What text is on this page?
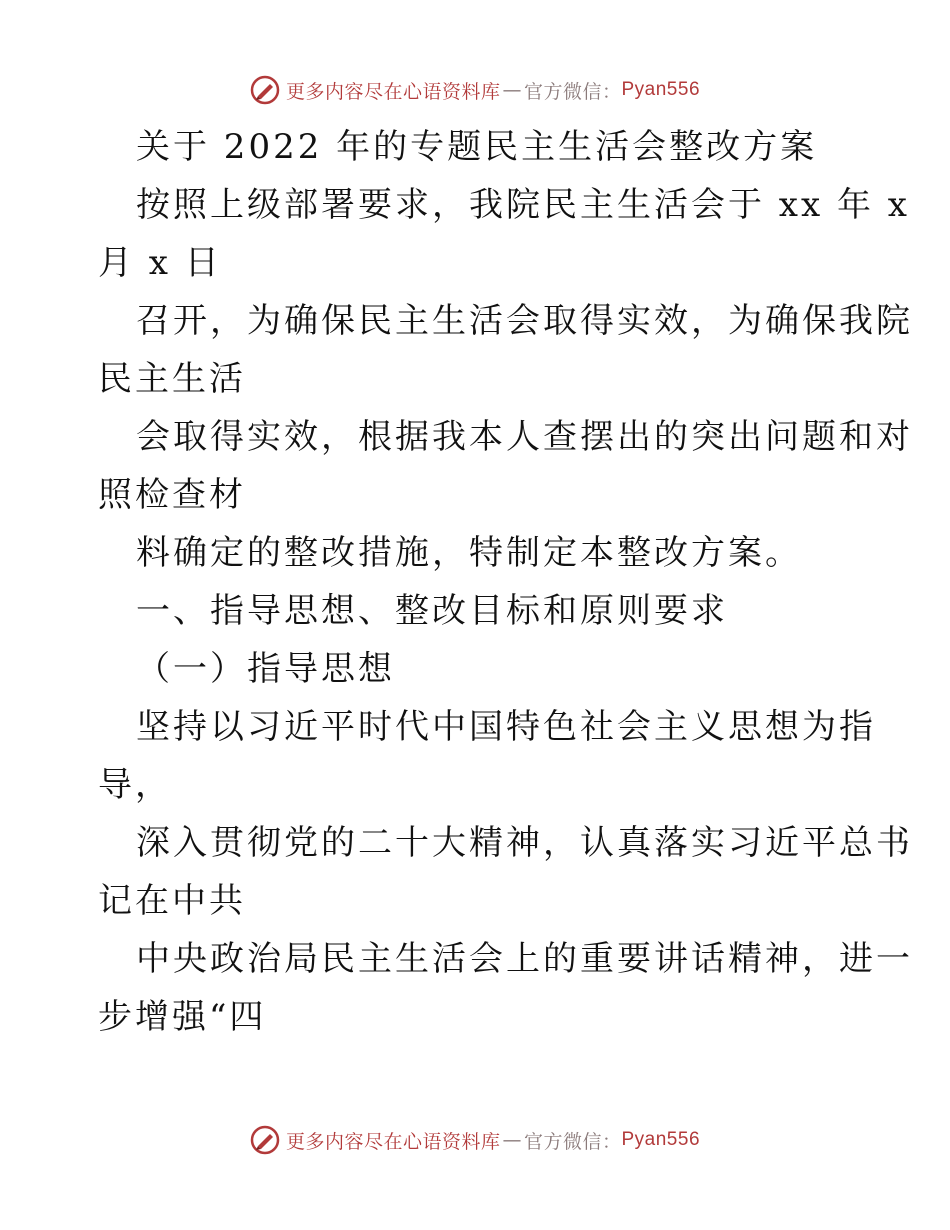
更多内容尽在心语资料库 — 官方微信： Pyan556
关于 2022 年的专题民主生活会整改方案
按照上级部署要求，我院民主生活会于 xx 年 x
月 x 日
召开，为确保民主生活会取得实效，为确保我院
民主生活
会取得实效，根据我本人查摆出的突出问题和对
照检查材
料确定的整改措施，特制定本整改方案。
一、指导思想、整改目标和原则要求
（一）指导思想
坚持以习近平时代中国特色社会主义思想为指
导，
深入贯彻党的二十大精神，认真落实习近平总书
记在中共
中央政治局民主生活会上的重要讲话精神，进一
步增强“四
更多内容尽在心语资料库 — 官方微信： Pyan556
